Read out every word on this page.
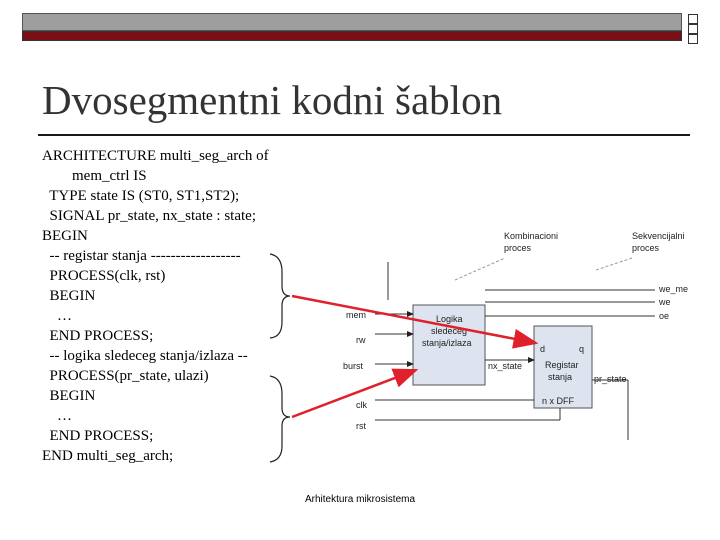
Dvosegmentni kodni šablon
ARCHITECTURE multi_seg_arch of
mem_ctrl IS
TYPE state IS (ST0, ST1,ST2);
SIGNAL pr_state, nx_state : state;
BEGIN
-- registar stanja ------------------
PROCESS(clk, rst)
BEGIN
…
END PROCESS;
-- logika sledeceg stanja/izlaza --
PROCESS(pr_state, ulazi)
BEGIN
…
END PROCESS;
END multi_seg_arch;
Kombinacioni
proces
Sekvencijalni
proces
Logika
sledeceg
stanja/izlaza
d	q
Registar
stanja
n x DFF
mem
rw
burst
clk
rst
we_me
we
oe
nx_state
pr_state
Arhitektura mikrosistema
